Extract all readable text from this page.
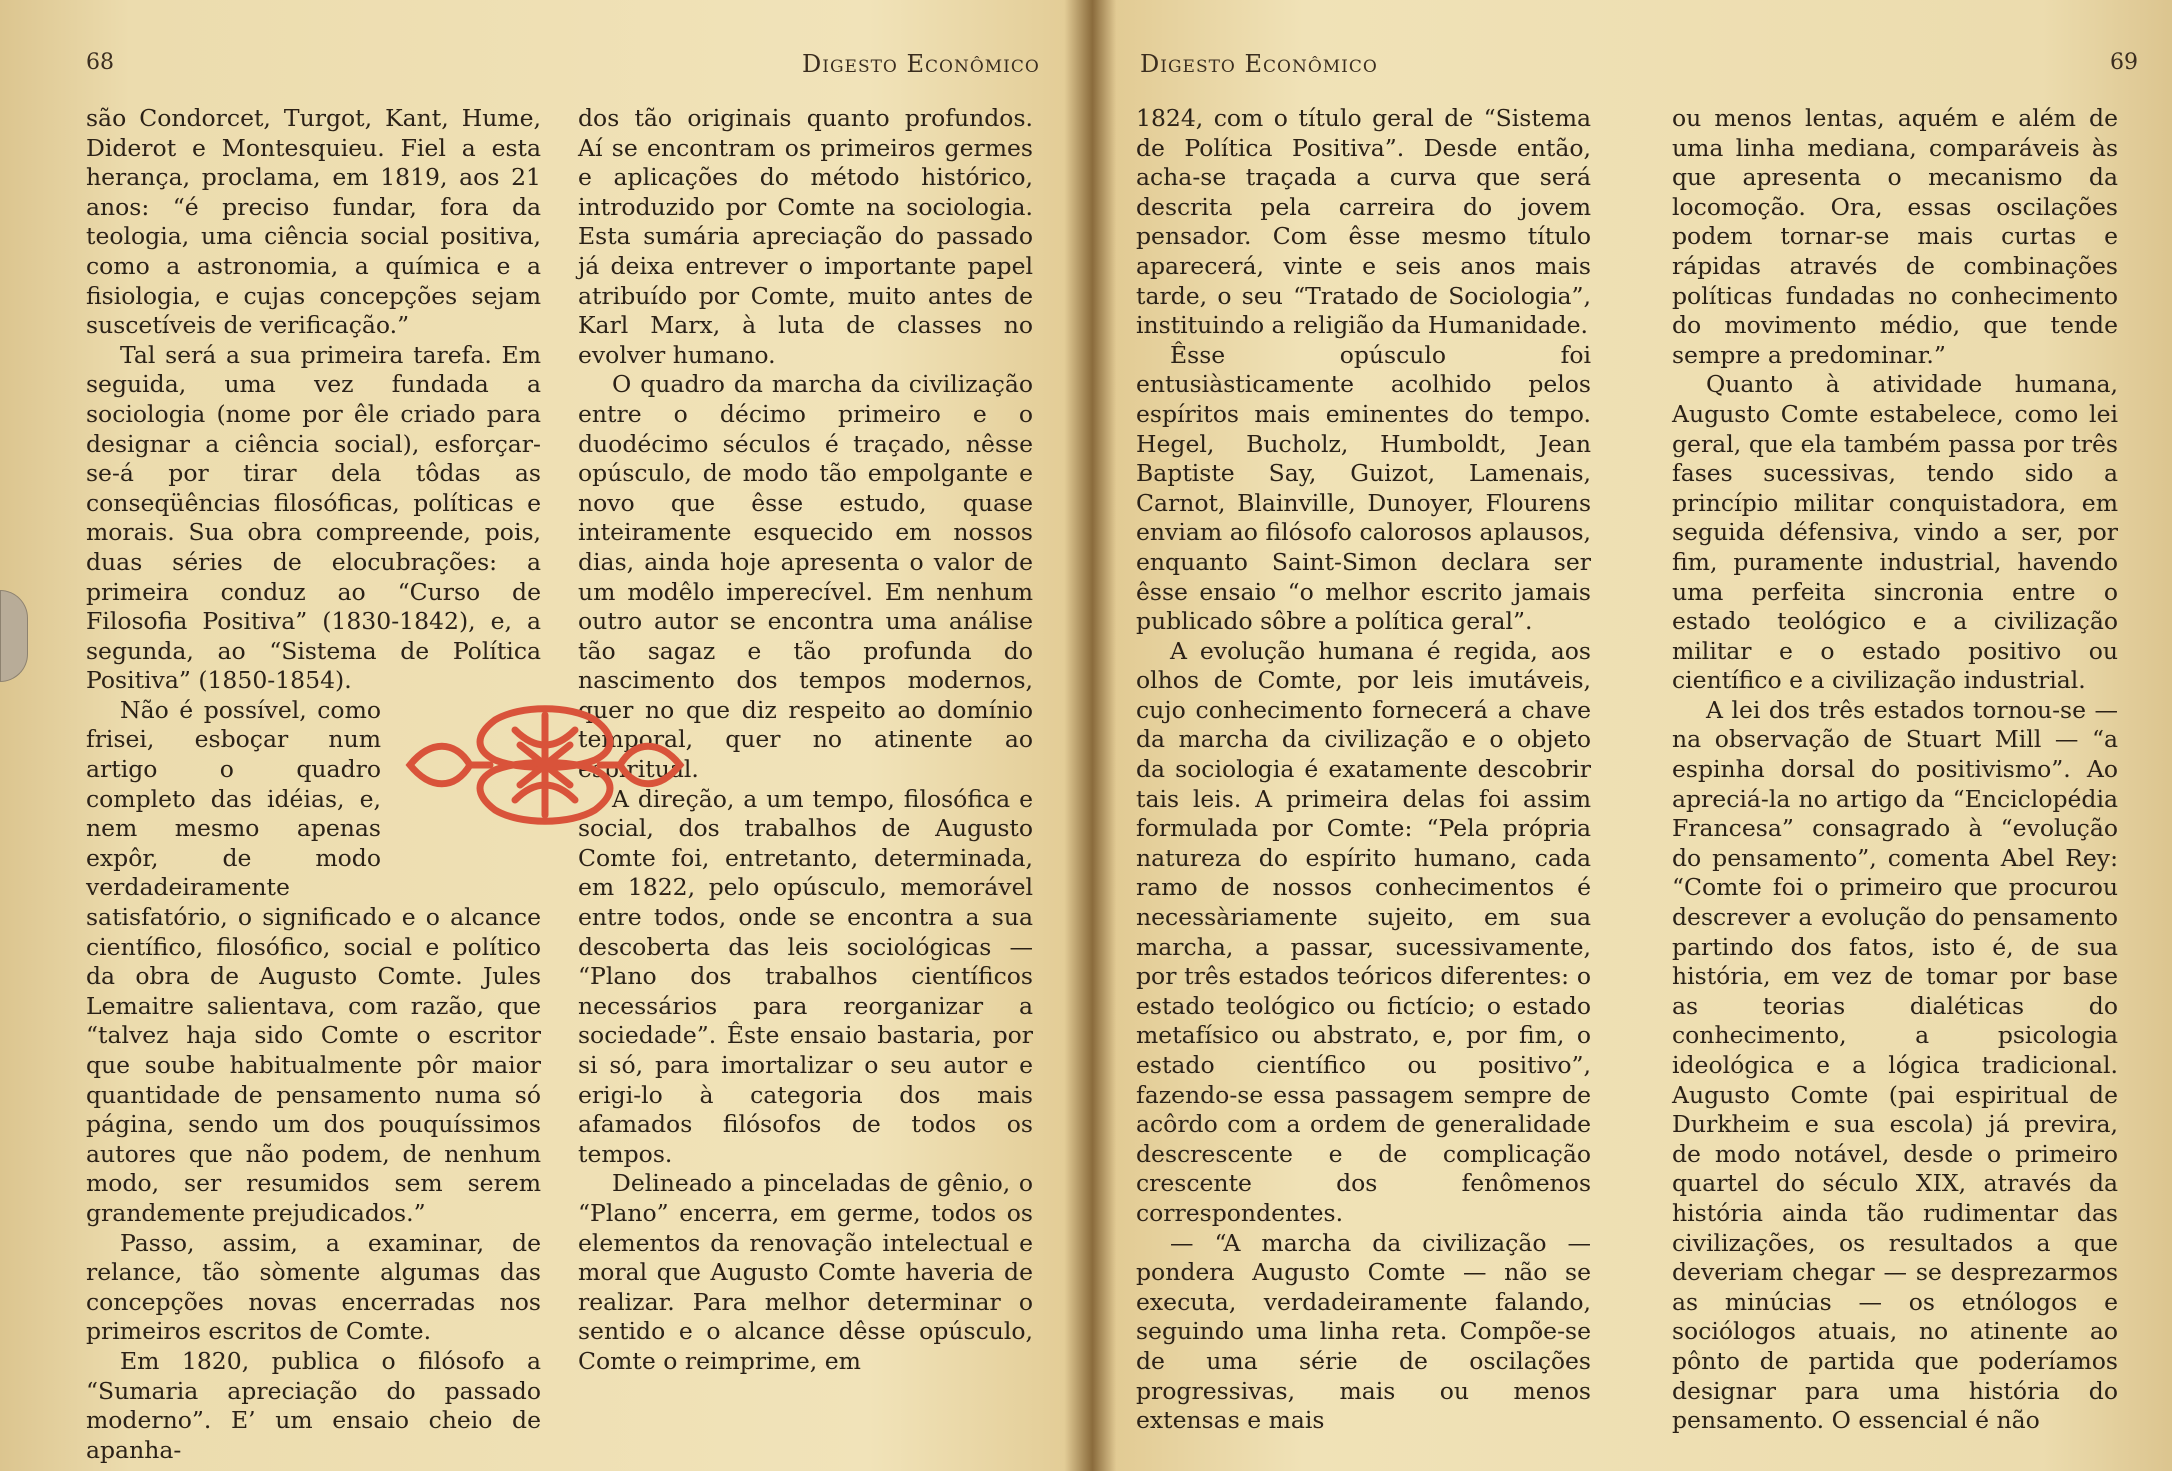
68	Digesto Econômico

são Condorcet, Turgot, Kant, Hume, Diderot e Montesquieu. Fiel a esta herança, proclama, em 1819, aos 21 anos: “é preciso fundar, fora da teologia, uma ciência social positiva, como a astronomia, a química e a fisiologia, e cujas concepções sejam suscetíveis de verificação.”

Tal será a sua primeira tarefa. Em seguida, uma vez fundada a sociologia (nome por êle criado para designar a ciência social), esforçar-se-á por tirar dela tôdas as conseqüências filosóficas, políticas e morais. Sua obra compreende, pois, duas séries de elocubrações: a primeira conduz ao “Curso de Filosofia Positiva” (1830-1842), e, a segunda, ao “Sistema de Política Positiva” (1850-1854).

Não é possível, como frisei, esboçar num artigo o quadro completo das idéias, e, nem mesmo apenas expôr, de modo verdadeiramente satisfatório, o significado e o alcance científico, filosófico, social e político da obra de Augusto Comte. Jules Lemaitre salientava, com razão, que “talvez haja sido Comte o escritor que soube habitualmente pôr maior quantidade de pensamento numa só página, sendo um dos pouquíssimos autores que não podem, de nenhum modo, ser resumidos sem serem grandemente prejudicados.”

Passo, assim, a examinar, de relance, tão sòmente algumas das concepções novas encerradas nos primeiros escritos de Comte.

Em 1820, publica o filósofo a “Sumaria apreciação do passado moderno”. E’ um ensaio cheio de apanha-

dos tão originais quanto profundos. Aí se encontram os primeiros germes e aplicações do método histórico, introduzido por Comte na sociologia. Esta sumária apreciação do passado já deixa entrever o importante papel atribuído por Comte, muito antes de Karl Marx, à luta de classes no evolver humano.

O quadro da marcha da civilização entre o décimo primeiro e o duodécimo séculos é traçado, nêsse opúsculo, de modo tão empolgante e novo que êsse estudo, quase inteiramente esquecido em nossos dias, ainda hoje apresenta o valor de um modêlo imperecível. Em nenhum outro autor se encontra uma análise tão sagaz e tão profunda do nascimento dos tempos modernos, quer no que diz respeito ao domínio temporal, quer no atinente ao espiritual.

A direção, a um tempo, filosófica e social, dos trabalhos de Augusto Comte foi, entretanto, determinada, em 1822, pelo opúsculo, memorável entre todos, onde se encontra a sua descoberta das leis sociológicas — “Plano dos trabalhos científicos necessários para reorganizar a sociedade”. Êste ensaio bastaria, por si só, para imortalizar o seu autor e erigi-lo à categoria dos mais afamados filósofos de todos os tempos.

Delineado a pinceladas de gênio, o “Plano” encerra, em germe, todos os elementos da renovação intelectual e moral que Augusto Comte haveria de realizar. Para melhor determinar o sentido e o alcance dêsse opúsculo, Comte o reimprime, em

Digesto Econômico	69

1824, com o título geral de “Sistema de Política Positiva”. Desde então, acha-se traçada a curva que será descrita pela carreira do jovem pensador. Com êsse mesmo título aparecerá, vinte e seis anos mais tarde, o seu “Tratado de Sociologia”, instituindo a religião da Humanidade.

Êsse opúsculo foi entusiàsticamente acolhido pelos espíritos mais eminentes do tempo. Hegel, Bucholz, Humboldt, Jean Baptiste Say, Guizot, Lamenais, Carnot, Blainville, Dunoyer, Flourens enviam ao filósofo calorosos aplausos, enquanto Saint-Simon declara ser êsse ensaio “o melhor escrito jamais publicado sôbre a política geral”.

A evolução humana é regida, aos olhos de Comte, por leis imutáveis, cujo conhecimento fornecerá a chave da marcha da civilização e o objeto da sociologia é exatamente descobrir tais leis. A primeira delas foi assim formulada por Comte: “Pela própria natureza do espírito humano, cada ramo de nossos conhecimentos é necessàriamente sujeito, em sua marcha, a passar, sucessivamente, por três estados teóricos diferentes: o estado teológico ou fictício; o estado metafísico ou abstrato, e, por fim, o estado científico ou positivo”, fazendo-se essa passagem sempre de acôrdo com a ordem de generalidade descrescente e de complicação crescente dos fenômenos correspondentes.

— “A marcha da civilização — pondera Augusto Comte — não se executa, verdadeiramente falando, seguindo uma linha reta. Compõe-se de uma série de oscilações progressivas, mais ou menos extensas e mais

ou menos lentas, aquém e além de uma linha mediana, comparáveis às que apresenta o mecanismo da locomoção. Ora, essas oscilações podem tornar-se mais curtas e rápidas através de combinações políticas fundadas no conhecimento do movimento médio, que tende sempre a predominar.”

Quanto à atividade humana, Augusto Comte estabelece, como lei geral, que ela também passa por três fases sucessivas, tendo sido a princípio militar conquistadora, em seguida défensiva, vindo a ser, por fim, puramente industrial, havendo uma perfeita sincronia entre o estado teológico e a civilização militar e o estado positivo ou científico e a civilização industrial.

A lei dos três estados tornou-se — na observação de Stuart Mill — “a espinha dorsal do positivismo”. Ao apreciá-la no artigo da “Enciclopédia Francesa” consagrado à “evolução do pensamento”, comenta Abel Rey: “Comte foi o primeiro que procurou descrever a evolução do pensamento partindo dos fatos, isto é, de sua história, em vez de tomar por base as teorias dialéticas do conhecimento, a psicologia ideológica e a lógica tradicional. Augusto Comte (pai espiritual de Durkheim e sua escola) já previra, de modo notável, desde o primeiro quartel do século XIX, através da história ainda tão rudimentar das civilizações, os resultados a que deveriam chegar — se desprezarmos as minúcias — os etnólogos e sociólogos atuais, no atinente ao pônto de partida que poderíamos designar para uma história do pensamento. O essencial é não
